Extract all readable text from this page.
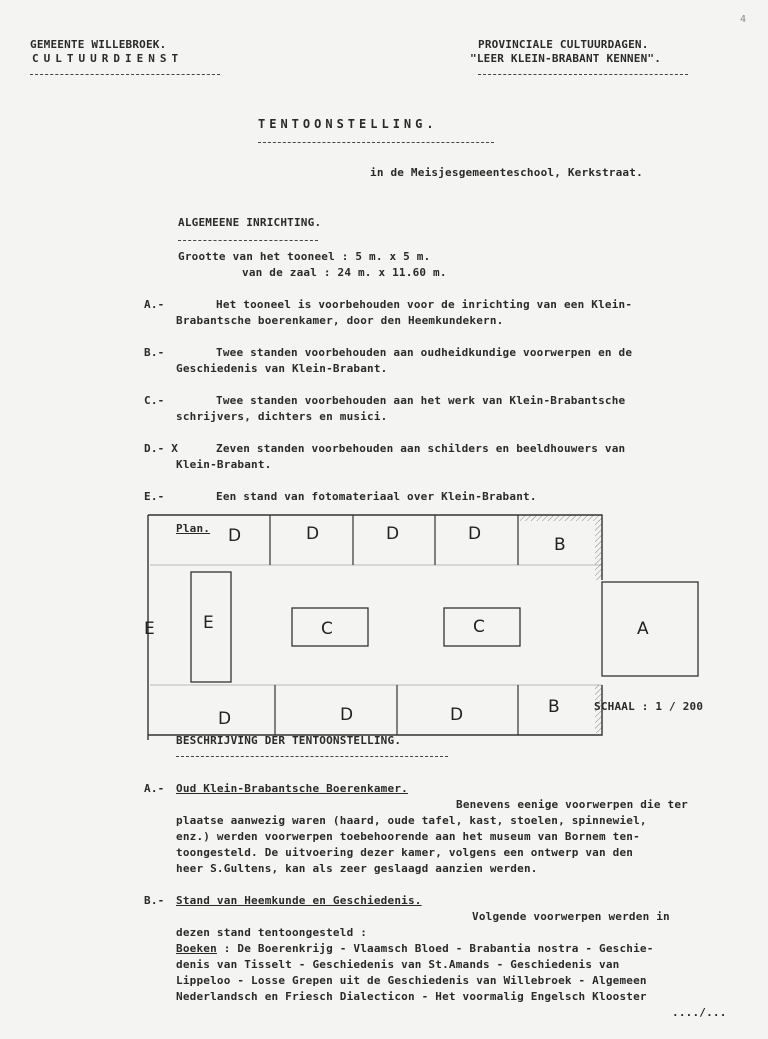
4
GEMEENTE WILLEBROEK.
CULTUURDIENST
PROVINCIALE CULTUURDAGEN.
"LEER KLEIN-BRABANT KENNEN".
TENTOONSTELLING.
in de Meisjesgemeenteschool, Kerkstraat.
ALGEMEENE INRICHTING.
Grootte van het tooneel : 5 m. x 5 m.
van de zaal : 24 m. x 11.60 m.
A.-	Het tooneel is voorbehouden voor de inrichting van een Klein-
Brabantsche boerenkamer, door den Heemkundekern.
B.-	Twee standen voorbehouden aan oudheidkundige voorwerpen en de
Geschiedenis van Klein-Brabant.
C.-	Twee standen voorbehouden aan het werk van Klein-Brabantsche
schrijvers, dichters en musici.
D.- X	Zeven standen voorbehouden aan schilders en beeldhouwers van
Klein-Brabant.
E.-	Een stand van fotomateriaal over Klein-Brabant.
D	D	D	D
B
E	E	C	C	A
D	D	D	B
Plan.
SCHAAL : 1 / 200
BESCHRIJVING DER TENTOONSTELLING.
A.- Oud Klein-Brabantsche Boerenkamer.
Benevens eenige voorwerpen die ter
plaatse aanwezig waren (haard, oude tafel, kast, stoelen, spinnewiel,
enz.) werden voorwerpen toebehoorende aan het museum van Bornem ten-
toongesteld. De uitvoering dezer kamer, volgens een ontwerp van den
heer S.Gultens, kan als zeer geslaagd aanzien werden.
B.- Stand van Heemkunde en Geschiedenis.
Volgende voorwerpen werden in
dezen stand tentoongesteld :
Boeken : De Boerenkrijg - Vlaamsch Bloed - Brabantia nostra - Geschie-
denis van Tisselt - Geschiedenis van St.Amands - Geschiedenis van
Lippeloo - Losse Grepen uit de Geschiedenis van Willebroek - Algemeen
Nederlandsch en Friesch Dialecticon - Het voormalig Engelsch Klooster
..../...
